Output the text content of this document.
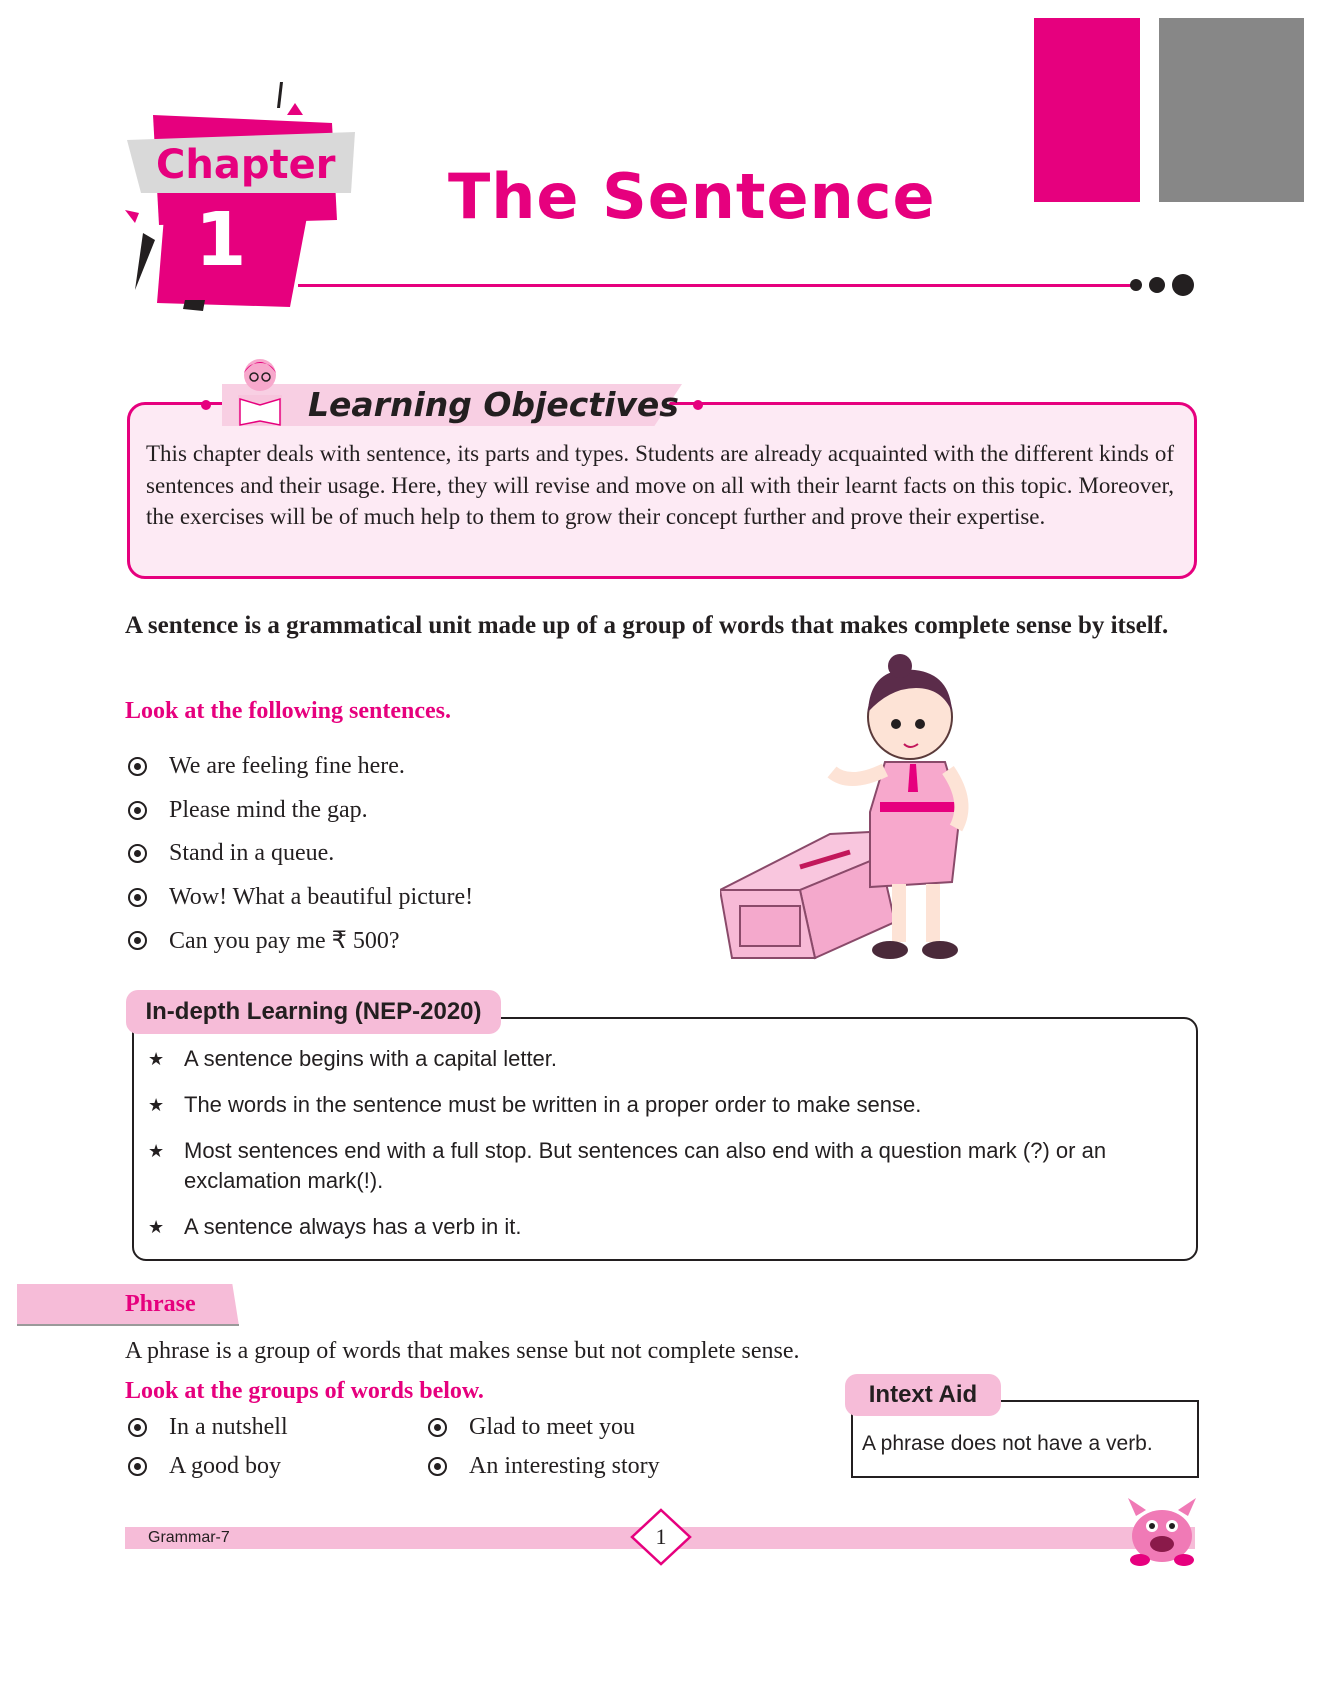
Chapter
1
The Sentence
Learning Objectives
This chapter deals with sentence, its parts and types. Students are already acquainted with the different kinds of sentences and their usage. Here, they will revise and move on all with their learnt facts on this topic. Moreover, the exercises will be of much help to them to grow their concept further and prove their expertise.
A sentence is a grammatical unit made up of a group of words that makes complete sense by itself.
Look at the following sentences.
We are feeling fine here.
Please mind the gap.
Stand in a queue.
Wow! What a beautiful picture!
Can you pay me ₹ 500?
In-depth Learning (NEP-2020)
★ A sentence begins with a capital letter.
★ The words in the sentence must be written in a proper order to make sense.
★ Most sentences end with a full stop. But sentences can also end with a question mark (?) or an exclamation mark(!).
★ A sentence always has a verb in it.
Phrase
A phrase is a group of words that makes sense but not complete sense.
Look at the groups of words below.
In a nutshell
A good boy
Glad to meet you
An interesting story
Intext Aid
A phrase does not have a verb.
Grammar-7	1
